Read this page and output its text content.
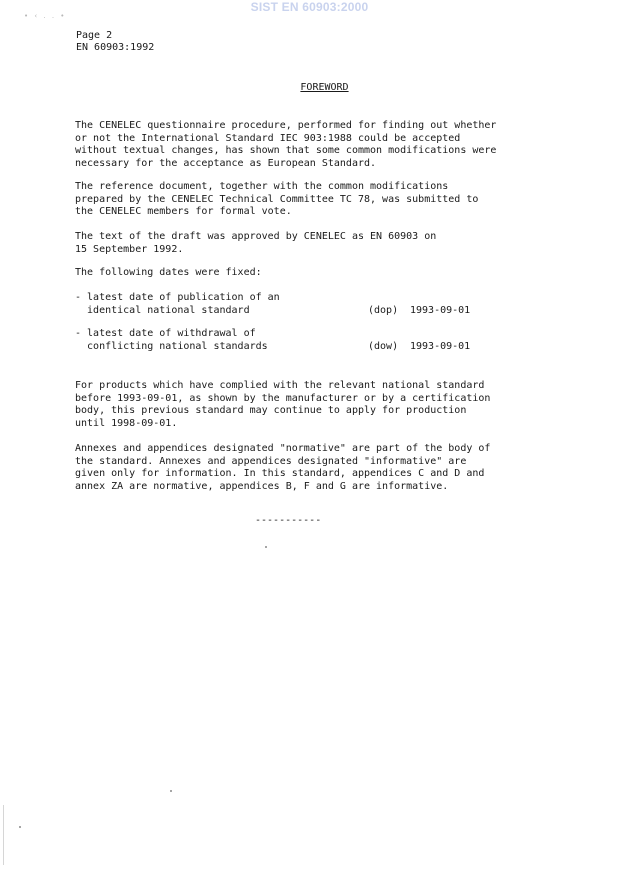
SIST EN 60903:2000
• ‹ . . •
Page 2
EN 60903:1992
FOREWORD

The CENELEC questionnaire procedure, performed for finding out whether
or not the International Standard IEC 903:1988 could be accepted
without textual changes, has shown that some common modifications were
necessary for the acceptance as European Standard.

The reference document, together with the common modifications
prepared by the CENELEC Technical Committee TC 78, was submitted to
the CENELEC members for formal vote.

The text of the draft was approved by CENELEC as EN 60903 on
15 September 1992.

The following dates were fixed:

- latest date of publication of an
identical national standard	(dop) 1993-09-01
- latest date of withdrawal of
conflicting national standards	(dow) 1993-09-01

For products which have complied with the relevant national standard
before 1993-09-01, as shown by the manufacturer or by a certification
body, this previous standard may continue to apply for production
until 1998-09-01.

Annexes and appendices designated "normative" are part of the body of
the standard. Annexes and appendices designated "informative" are
given only for information. In this standard, appendices C and D and
annex ZA are normative, appendices B, F and G are informative.

-----------
